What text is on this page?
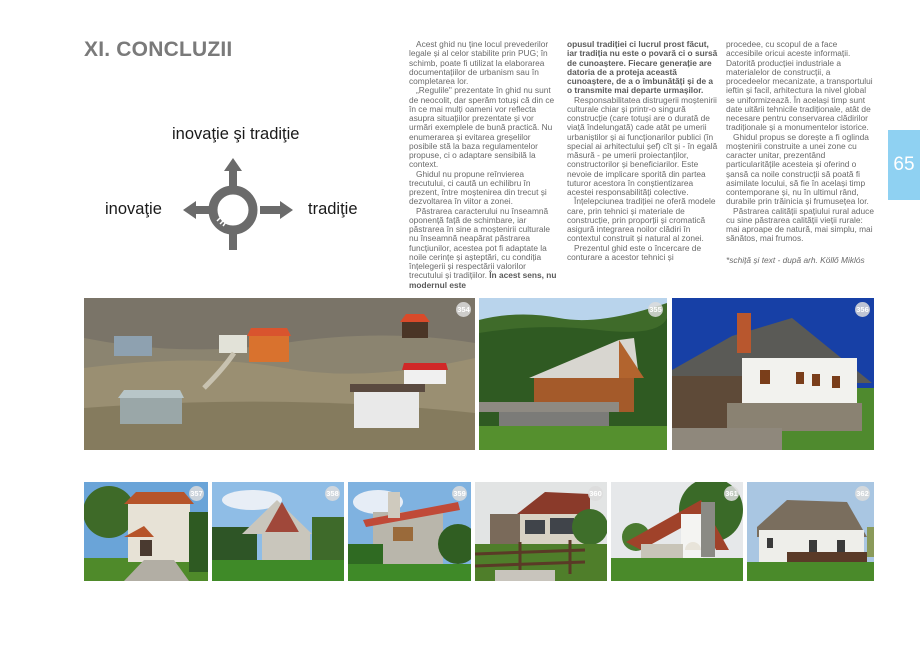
XI. CONCLUZII
inovaţie şi tradiţie
inovaţie	tradiţie

Acest ghid nu ține locul prevederilor legale și al celor stabilite prin PUG; în schimb, poate fi utilizat la elaborarea documentațiilor de urbanism sau în completarea lor.

„Regulile" prezentate în ghid nu sunt de neocolit, dar sperăm totuși că din ce în ce mai mulți oameni vor reflecta asupra situațiilor prezentate și vor urmări exemplele de bună practică. Nu enumerarea și evitarea greșelilor posibile stă la baza regulamentelor propuse, ci o adaptare sensibilă la context.

Ghidul nu propune reînvierea trecutului, ci caută un echilibru în prezent, între moștenirea din trecut și dezvoltarea în viitor a zonei.

Păstrarea caracterului nu înseamnă oponență față de schimbare, iar păstrarea în sine a moștenirii culturale nu înseamnă neapărat păstrarea funcțiunilor, acestea pot fi adaptate la noile cerințe și așteptări, cu condiția înțelegerii și respectării valorilor trecutului și tradițiilor. În acest sens, nu modernul este

opusul tradiției ci lucrul prost făcut, iar tradiția nu este o povară ci o sursă de cunoaștere. Fiecare generație are datoria de a proteja această cunoaștere, de a o îmbunătăți și de a o transmite mai departe urmașilor.

Responsabilitatea distrugerii moștenirii culturale chiar și printr-o singură construcție (care totuși are o durată de viață îndelungată) cade atât pe umerii urbaniștilor și ai funcționarilor publici (în special ai arhitectului șef) cît și - în egală măsură - pe umerii proiectanților, constructorilor și beneficiarilor. Este nevoie de implicare sporită din partea tuturor acestora în conștientizarea acestei responsabilități colective.

Înțelepciunea tradiției ne oferă modele care, prin tehnici și materiale de construcție, prin proporții și cromatică asigură integrarea noilor clădiri în contextul construit și natural al zonei.

Prezentul ghid este o încercare de conturare a acestor tehnici și

procedee, cu scopul de a face accesibile oricui aceste informații. Datorită producției industriale a materialelor de construcții, a procedeelor mecanizate, a transportului ieftin și facil, arhitectura la nivel global se uniformizează. În același timp sunt date uitării tehnicile tradiționale, atât de necesare pentru conservarea clădirilor tradiționale și a monumentelor istorice.

Ghidul propus se dorește a fi oglinda moștenirii construite a unei zone cu caracter unitar, prezentând particularitățile acesteia și oferind o șansă ca noile construcții să poată fi asimilate locului, să fie în același timp contemporane și, nu în ultimul rând, durabile prin trăinicia și frumusețea lor.

Păstrarea calității spațiului rural aduce cu sine păstrarea calității vieții rurale: mai aproape de natură, mai simplu, mai sănătos, mai frumos.

*schiță și text - după arh. Köllő Miklós

65
354	355	356
357	358	359	360	361	362
